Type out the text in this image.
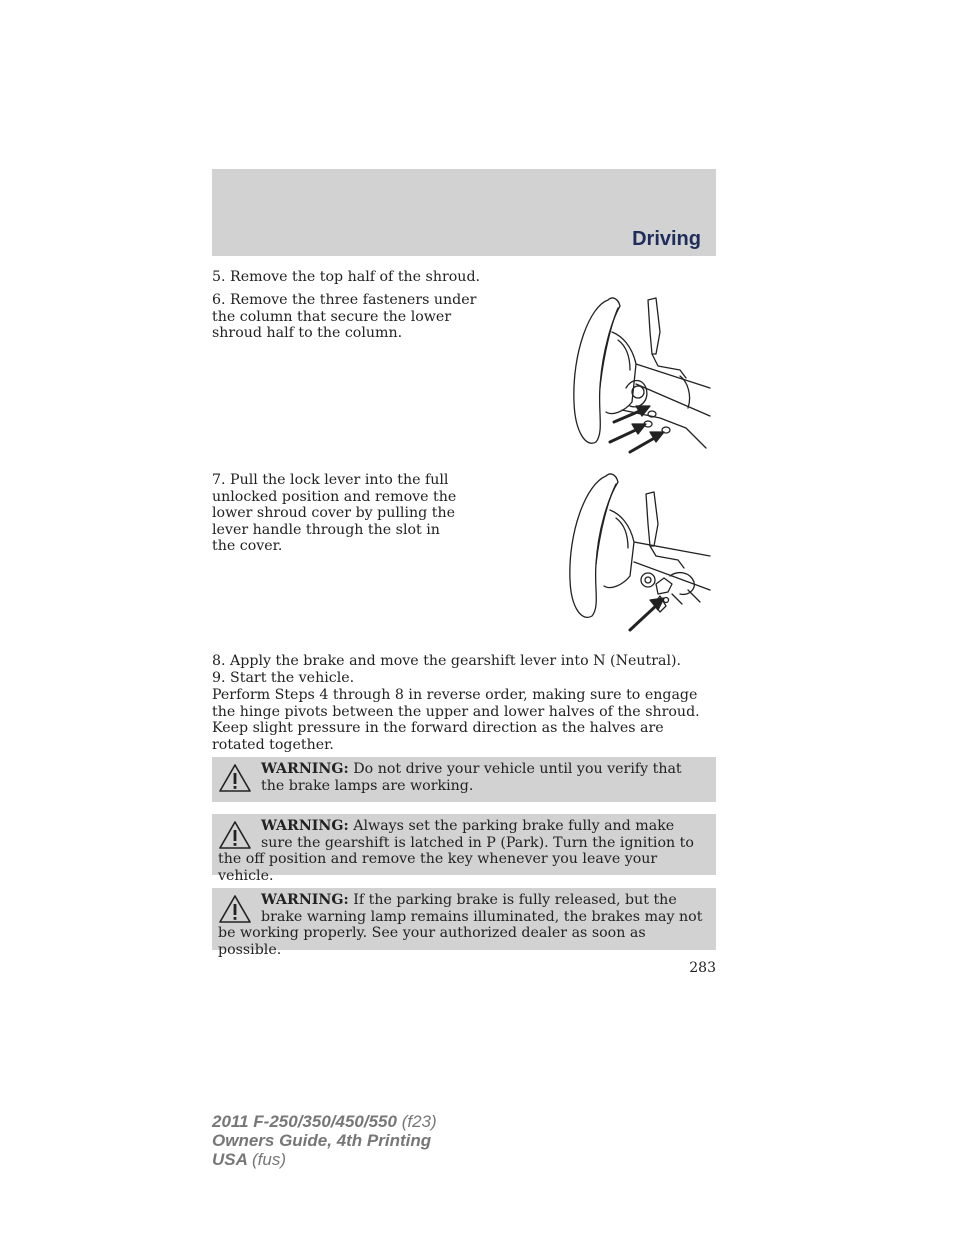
Driving

5. Remove the top half of the shroud.

6. Remove the three fasteners under the column that secure the lower shroud half to the column.

7. Pull the lock lever into the full unlocked position and remove the lower shroud cover by pulling the lever handle through the slot in the cover.

8. Apply the brake and move the gearshift lever into N (Neutral).

9. Start the vehicle.

Perform Steps 4 through 8 in reverse order, making sure to engage the hinge pivots between the upper and lower halves of the shroud. Keep slight pressure in the forward direction as the halves are rotated together.

WARNING: Do not drive your vehicle until you verify that the brake lamps are working.
WARNING: Always set the parking brake fully and make sure the gearshift is latched in P (Park). Turn the ignition to the off position and remove the key whenever you leave your vehicle.
WARNING: If the parking brake is fully released, but the brake warning lamp remains illuminated, the brakes may not be working properly. See your authorized dealer as soon as possible.
283
2011 F-250/350/450/550 (f23)
Owners Guide, 4th Printing
USA (fus)
